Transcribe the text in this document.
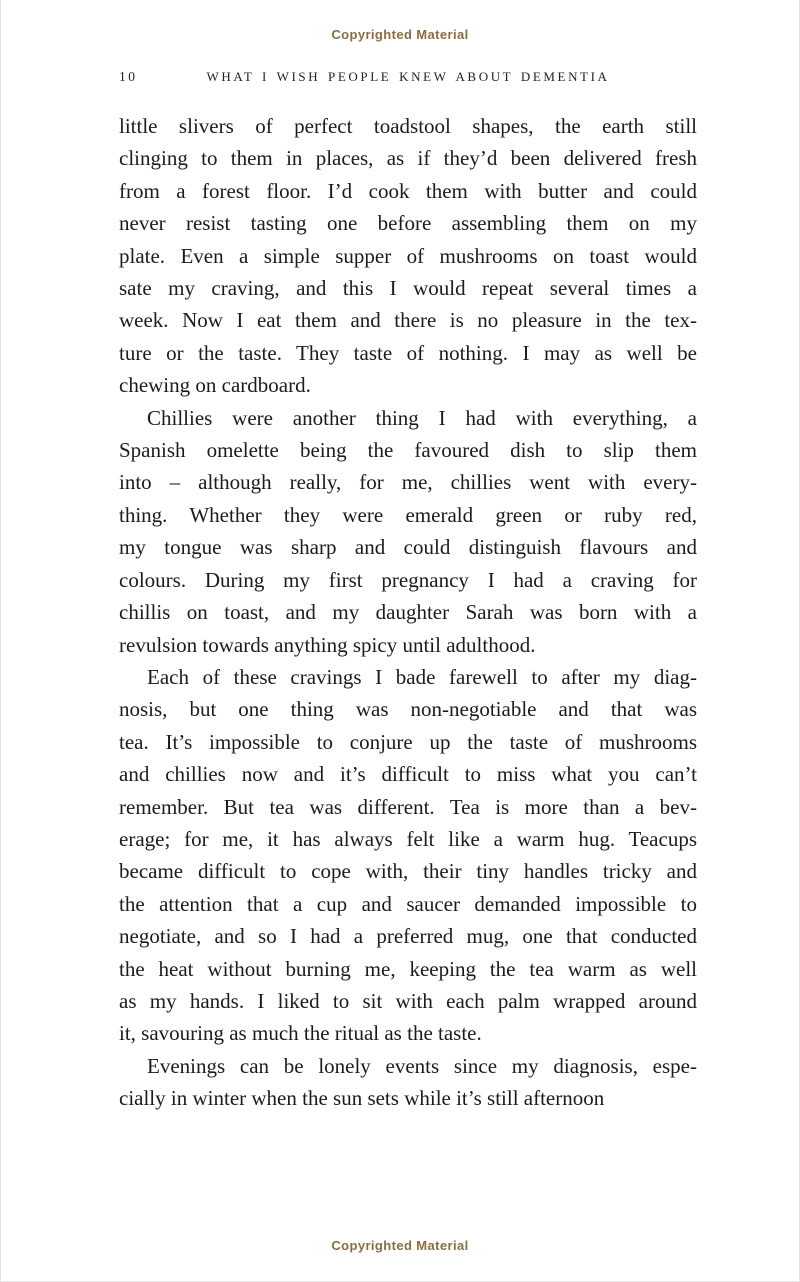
Copyrighted Material
10	WHAT I WISH PEOPLE KNEW ABOUT DEMENTIA
little slivers of perfect toadstool shapes, the earth still
clinging to them in places, as if they’d been delivered fresh
from a forest floor. I’d cook them with butter and could
never resist tasting one before assembling them on my
plate. Even a simple supper of mushrooms on toast would
sate my craving, and this I would repeat several times a
week. Now I eat them and there is no pleasure in the tex-
ture or the taste. They taste of nothing. I may as well be
chewing on cardboard.
Chillies were another thing I had with everything, a
Spanish omelette being the favoured dish to slip them
into – although really, for me, chillies went with every-
thing. Whether they were emerald green or ruby red,
my tongue was sharp and could distinguish flavours and
colours. During my first pregnancy I had a craving for
chillis on toast, and my daughter Sarah was born with a
revulsion towards anything spicy until adulthood.
Each of these cravings I bade farewell to after my diag-
nosis, but one thing was non-negotiable and that was
tea. It’s impossible to conjure up the taste of mushrooms
and chillies now and it’s difficult to miss what you can’t
remember. But tea was different. Tea is more than a bev-
erage; for me, it has always felt like a warm hug. Teacups
became difficult to cope with, their tiny handles tricky and
the attention that a cup and saucer demanded impossible to
negotiate, and so I had a preferred mug, one that conducted
the heat without burning me, keeping the tea warm as well
as my hands. I liked to sit with each palm wrapped around
it, savouring as much the ritual as the taste.
Evenings can be lonely events since my diagnosis, espe-
cially in winter when the sun sets while it’s still afternoon
Copyrighted Material
